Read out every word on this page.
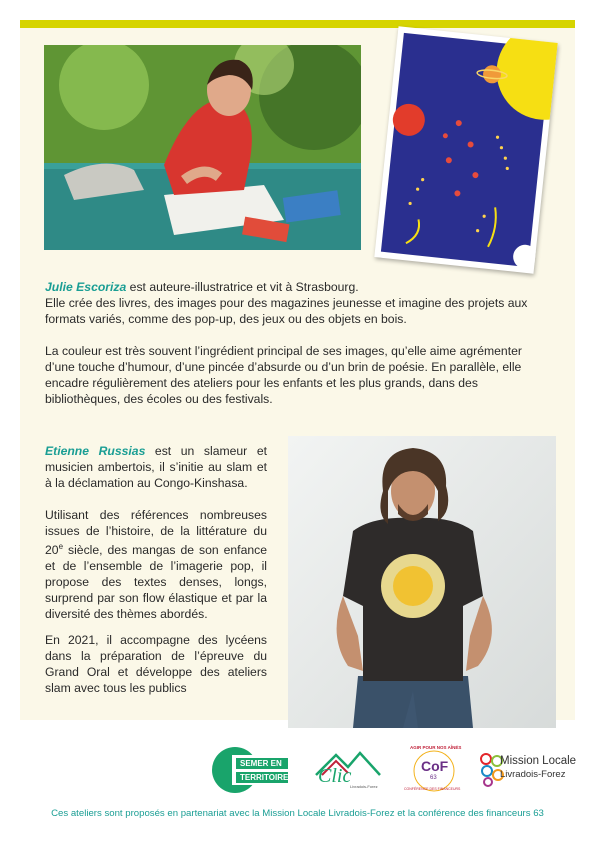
Julie Escoriza est auteure-illustratrice et vit à Strasbourg.
Elle crée des livres, des images pour des magazines jeunesse et imagine des projets aux formats variés, comme des pop-up, des jeux ou des objets en bois.

La couleur est très souvent l’ingrédient principal de ses images, qu’elle aime agrémenter d’une touche d’humour, d’une pincée d’absurde ou d’un brin de poésie. En parallèle, elle encadre régulièrement des ateliers pour les enfants et les plus grands, dans des bibliothèques, des écoles ou des festivals.

Etienne Russias est un slameur et musicien ambertois, il s’initie au slam et à la déclamation au Congo-Kinshasa.

Utilisant des références nombreuses issues de l’histoire, de la littérature du 20e siècle, des mangas de son enfance et de l’ensemble de l’imagerie pop, il propose des textes denses, longs, surprend par son flow élastique et par la diversité des thèmes abordés.

En 2021, il accompagne des lycéens dans la préparation de l’épreuve du Grand Oral et développe des ateliers slam avec tous les publics

SEMER EN
TERRITOIRE Clic
Livradois-Forez
AGIR POUR NOS AÎNÉS
CoF
63
CONFÉRENCE DES FINANCEURS
Mission Locale
Livradois-Forez
Ces ateliers sont proposés en partenariat avec la Mission Locale Livradois-Forez et la conférence des financeurs 63
